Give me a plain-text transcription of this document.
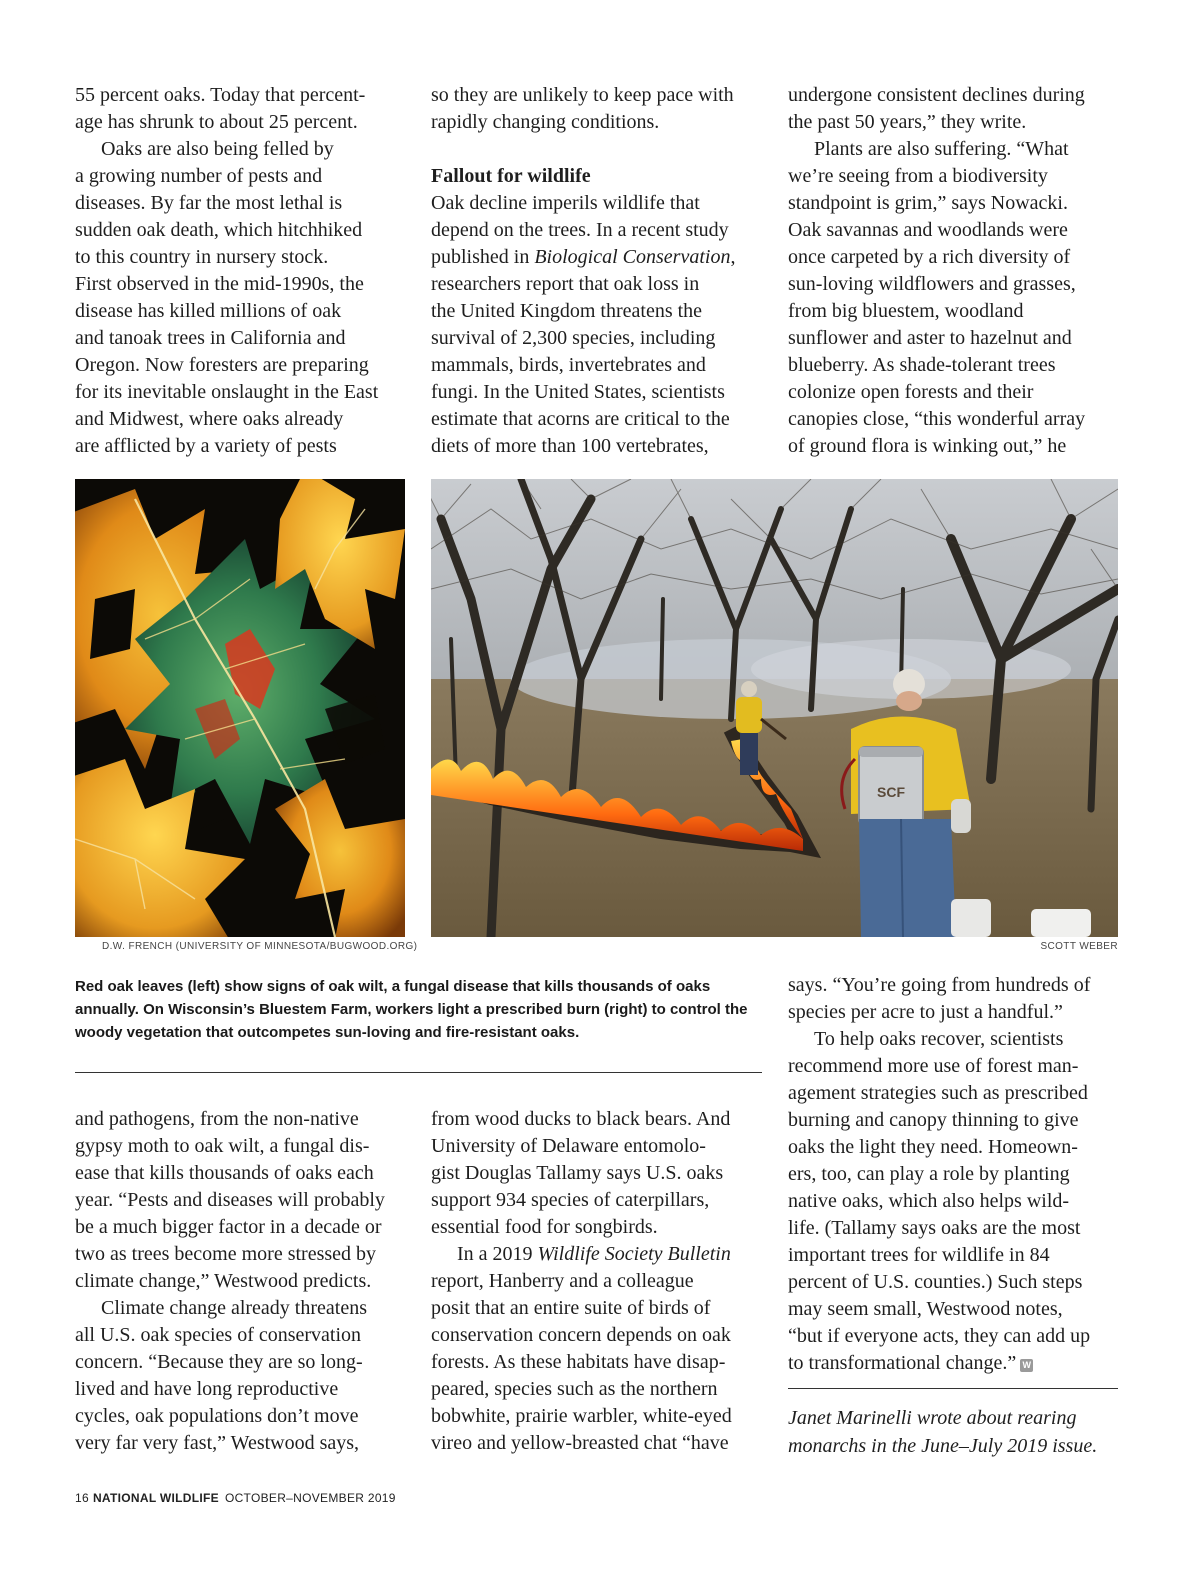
55 percent oaks. Today that percent-
age has shrunk to about 25 percent.
Oaks are also being felled by
a growing number of pests and
diseases. By far the most lethal is
sudden oak death, which hitchhiked
to this country in nursery stock.
First observed in the mid-1990s, the
disease has killed millions of oak
and tanoak trees in California and
Oregon. Now foresters are preparing
for its inevitable onslaught in the East
and Midwest, where oaks already
are afflicted by a variety of pests
so they are unlikely to keep pace with
rapidly changing conditions.
Fallout for wildlife
Oak decline imperils wildlife that
depend on the trees. In a recent study
published in Biological Conservation,
researchers report that oak loss in
the United Kingdom threatens the
survival of 2,300 species, including
mammals, birds, invertebrates and
fungi. In the United States, scientists
estimate that acorns are critical to the
diets of more than 100 vertebrates,
undergone consistent declines during
the past 50 years,” they write.
Plants are also suffering. “What
we’re seeing from a biodiversity
standpoint is grim,” says Nowacki.
Oak savannas and woodlands were
once carpeted by a rich diversity of
sun-loving wildflowers and grasses,
from big bluestem, woodland
sunflower and aster to hazelnut and
blueberry. As shade-tolerant trees
colonize open forests and their
canopies close, “this wonderful array
of ground flora is winking out,” he
D.W. FRENCH (UNIVERSITY OF MINNESOTA/BUGWOOD.ORG)
SCF
SCOTT WEBER
Red oak leaves (left) show signs of oak wilt, a fungal disease that kills thousands of oaks annually. On Wisconsin’s Bluestem Farm, workers light a prescribed burn (right) to control the woody vegetation that outcompetes sun-loving and fire-resistant oaks.
and pathogens, from the non-native
gypsy moth to oak wilt, a fungal dis-
ease that kills thousands of oaks each
year. “Pests and diseases will probably
be a much bigger factor in a decade or
two as trees become more stressed by
climate change,” Westwood predicts.
Climate change already threatens
all U.S. oak species of conservation
concern. “Because they are so long-
lived and have long reproductive
cycles, oak populations don’t move
very far very fast,” Westwood says,
from wood ducks to black bears. And
University of Delaware entomolo-
gist Douglas Tallamy says U.S. oaks
support 934 species of caterpillars,
essential food for songbirds.
In a 2019 Wildlife Society Bulletin
report, Hanberry and a colleague
posit that an entire suite of birds of
conservation concern depends on oak
forests. As these habitats have disap-
peared, species such as the northern
bobwhite, prairie warbler, white-eyed
vireo and yellow-breasted chat “have
says. “You’re going from hundreds of
species per acre to just a handful.”
To help oaks recover, scientists
recommend more use of forest man-
agement strategies such as prescribed
burning and canopy thinning to give
oaks the light they need. Homeown-
ers, too, can play a role by planting
native oaks, which also helps wild-
life. (Tallamy says oaks are the most
important trees for wildlife in 84
percent of U.S. counties.) Such steps
may seem small, Westwood notes,
“but if everyone acts, they can add up
to transformational change.” W
Janet Marinelli wrote about rearing monarchs in the June–July 2019 issue.
16 NATIONAL WILDLIFE OCTOBER–NOVEMBER 2019
